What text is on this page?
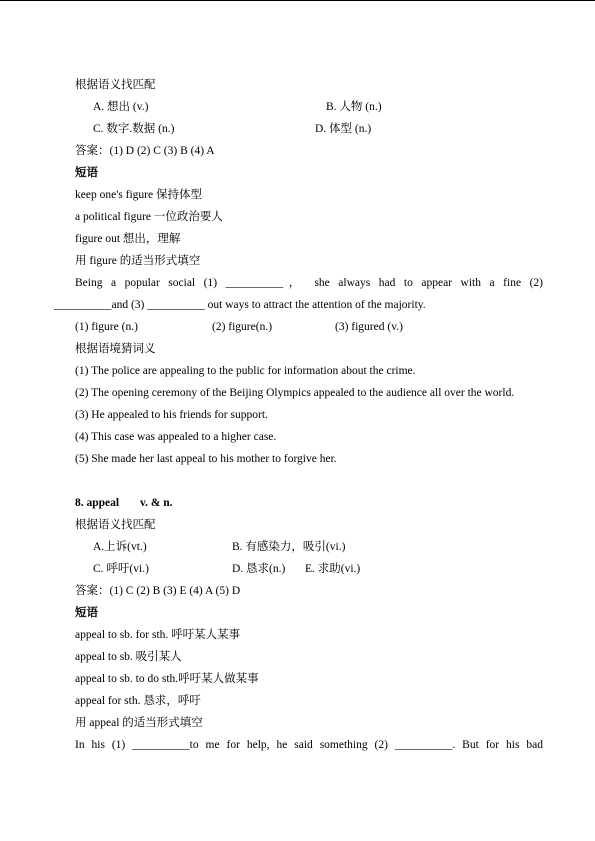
根据语义找匹配
A. 想出 (v.)	B. 人物 (n.)
C. 数字.数据 (n.)	D. 体型 (n.)
答案：(1) D (2) C (3) B (4) A
短语
keep one's figure 保持体型
a political figure 一位政治要人
figure out 想出，理解
用 figure 的适当形式填空
Being a popular social (1) __________， she always had to appear with a fine (2)
__________and (3) __________ out ways to attract the attention of the majority.
(1) figure (n.)	(2) figure(n.)	(3) figured (v.)
根据语境猜词义
(1) The police are appealing to the public for information about the crime.
(2) The opening ceremony of the Beijing Olympics appealed to the audience all over the world.
(3) He appealed to his friends for support.
(4) This case was appealed to a higher case.
(5) She made her last appeal to his mother to forgive her.
8. appeal v. & n.
根据语义找匹配
A.上诉(vt.)	B. 有感染力，吸引(vi.)
C. 呼吁(vi.)	D. 恳求(n.) E. 求助(vi.)
答案：(1) C (2) B (3) E (4) A (5) D
短语
appeal to sb. for sth. 呼吁某人某事
appeal to sb. 吸引某人
appeal to sb. to do sth.呼吁某人做某事
appeal for sth. 恳求，呼吁
用 appeal 的适当形式填空
In his (1) __________to me for help, he said something (2) __________. But for his bad
